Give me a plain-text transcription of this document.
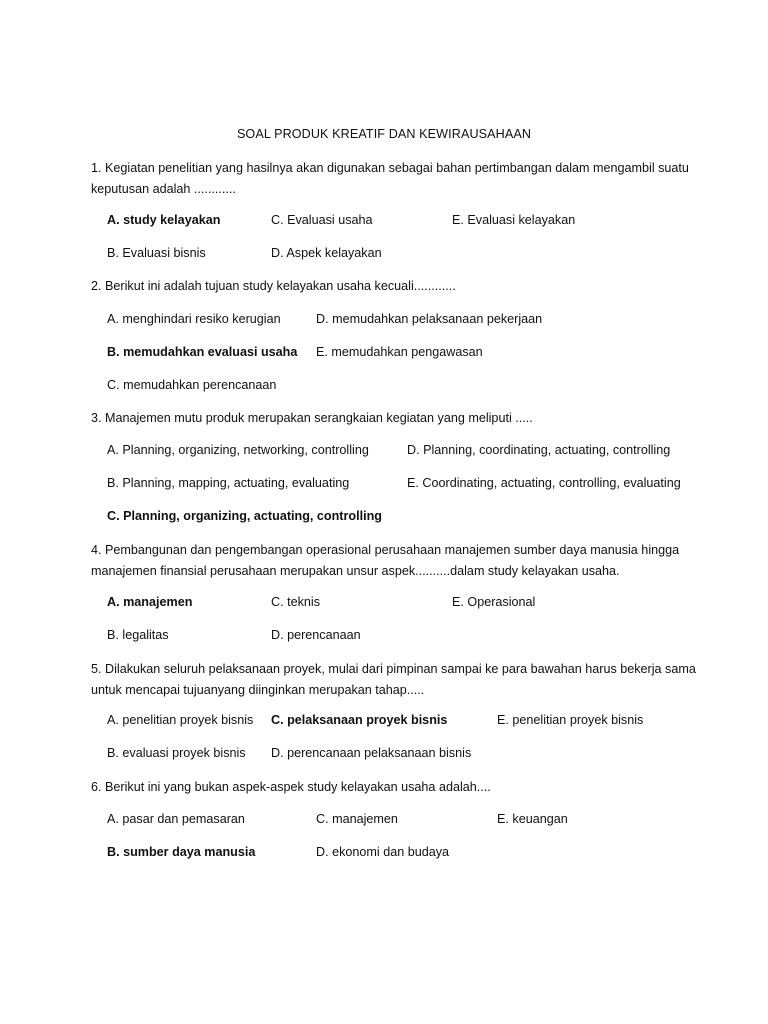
SOAL PRODUK KREATIF DAN KEWIRAUSAHAAN
1. Kegiatan penelitian yang hasilnya akan digunakan sebagai bahan pertimbangan dalam mengambil suatu keputusan adalah ............
A. study kelayakan	C. Evaluasi usaha	E. Evaluasi kelayakan
B. Evaluasi bisnis	D. Aspek kelayakan
2. Berikut ini adalah tujuan study kelayakan usaha kecuali............
A. menghindari resiko kerugian	D. memudahkan pelaksanaan pekerjaan
B. memudahkan evaluasi usaha E. memudahkan pengawasan
C. memudahkan perencanaan
3. Manajemen mutu produk merupakan serangkaian kegiatan yang meliputi .....
A. Planning, organizing, networking, controlling	D. Planning, coordinating, actuating, controlling
B. Planning, mapping, actuating, evaluating	E. Coordinating, actuating, controlling, evaluating
C. Planning, organizing, actuating, controlling
4. Pembangunan dan pengembangan operasional perusahaan manajemen sumber daya manusia hingga manajemen finansial perusahaan merupakan unsur aspek..........dalam study kelayakan usaha.
A. manajemen	C. teknis	E. Operasional
B. legalitas	D. perencanaan
5. Dilakukan seluruh pelaksanaan proyek, mulai dari pimpinan sampai ke para bawahan harus bekerja sama untuk mencapai tujuanyang diinginkan merupakan tahap.....
A. penelitian proyek bisnis C. pelaksanaan proyek bisnis	E. penelitian proyek bisnis
B. evaluasi proyek bisnis D. perencanaan pelaksanaan bisnis
6. Berikut ini yang bukan aspek-aspek study kelayakan usaha adalah....
A. pasar dan pemasaran	C. manajemen	E. keuangan
B. sumber daya manusia	D. ekonomi dan budaya
